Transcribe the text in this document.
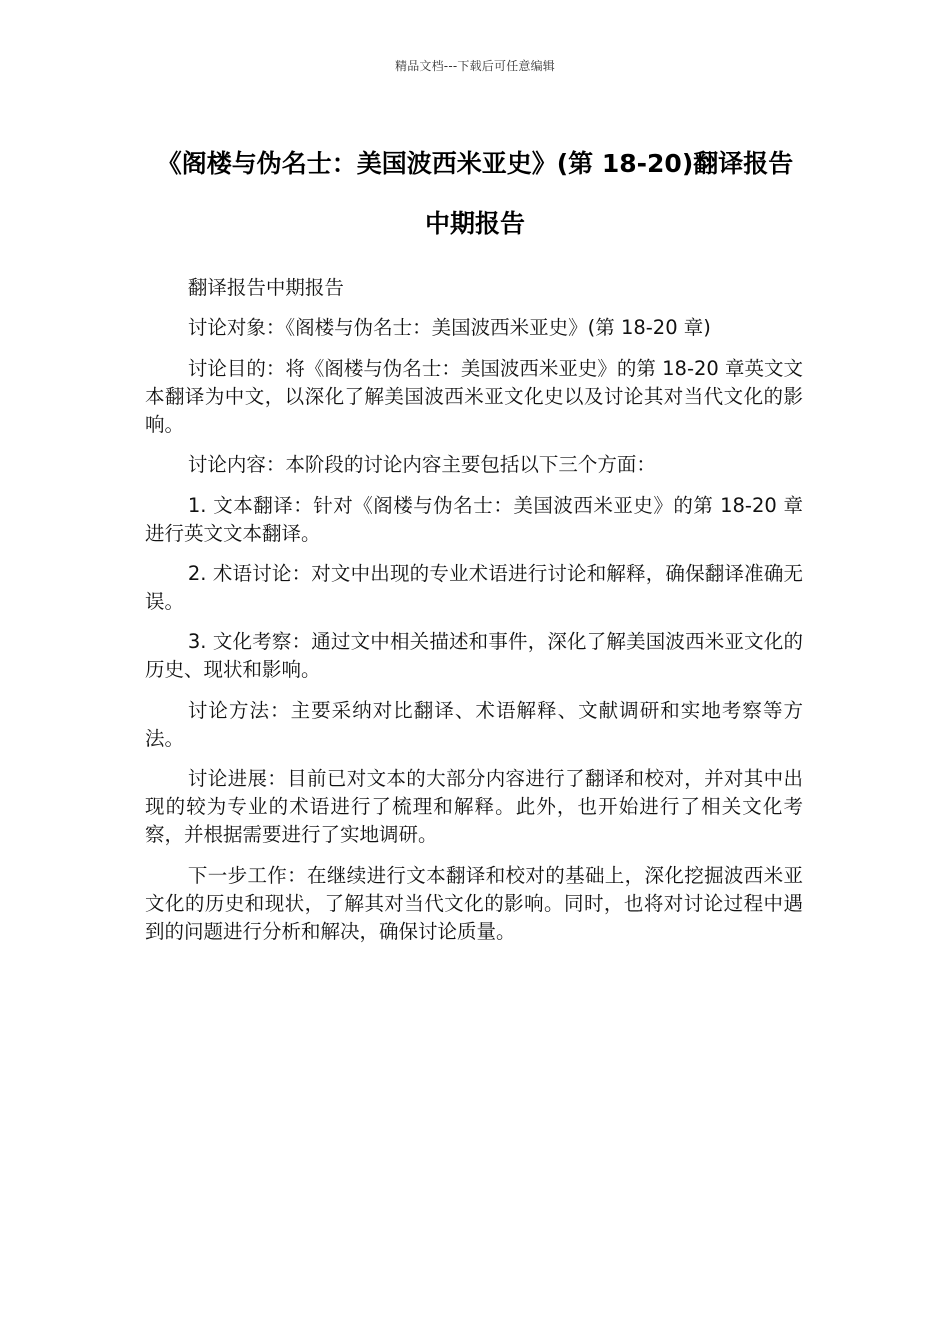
精品文档---下载后可任意编辑
《阁楼与伪名士：美国波西米亚史》(第 18-20)翻译报告中期报告

翻译报告中期报告

讨论对象：《阁楼与伪名士：美国波西米亚史》(第 18-20 章)

讨论目的：将《阁楼与伪名士：美国波西米亚史》的第 18-20 章英文文本翻译为中文，以深化了解美国波西米亚文化史以及讨论其对当代文化的影响。

讨论内容：本阶段的讨论内容主要包括以下三个方面：

1. 文本翻译：针对《阁楼与伪名士：美国波西米亚史》的第 18-20 章进行英文文本翻译。

2. 术语讨论：对文中出现的专业术语进行讨论和解释，确保翻译准确无误。

3. 文化考察：通过文中相关描述和事件，深化了解美国波西米亚文化的历史、现状和影响。

讨论方法：主要采纳对比翻译、术语解释、文献调研和实地考察等方法。

讨论进展：目前已对文本的大部分内容进行了翻译和校对，并对其中出现的较为专业的术语进行了梳理和解释。此外，也开始进行了相关文化考察，并根据需要进行了实地调研。

下一步工作：在继续进行文本翻译和校对的基础上，深化挖掘波西米亚文化的历史和现状，了解其对当代文化的影响。同时，也将对讨论过程中遇到的问题进行分析和解决，确保讨论质量。
